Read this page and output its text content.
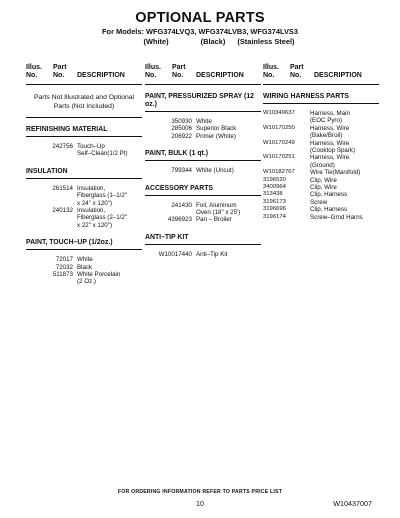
OPTIONAL PARTS
For Models: WFG374LVQ3, WFG374LVB3, WFG374LVS3
(White)	(Black) (Stainless Steel)
Illus.
No.
Part
No.	DESCRIPTION
Parts Not Illustrated and Optional Parts (Not Included)
REFINISHING MATERIAL
242756 Touch–Up
Self–Clean(1/2 Pt)
INSULATION
261514 Insulation,
Fiberglass (1–1/2"
x 24" x 120")
240132 Insulation,
Fiberglass (2–1/2"
x 22" x 120")
PAINT, TOUCH–UP (1/2oz.)
72017 White
72032 Black
511873 White Porcelain
(2 Oz.)
Illus.
No.
Part
No.	DESCRIPTION
PAINT, PRESSURIZED SPRAY (12 oz.)
350930 White
285006 Superior Black
206922 Primer (White)
PAINT, BULK (1 qt.)
799344 White (Uncut)
ACCESSORY PARTS
241430 Foil, Aluminum
Oven (18" x 25')
4396923 Pan – Broiler
ANTI–TIP KIT
W10017440 Anti–Tip Kit
Illus.
No.
Part
No.	DESCRIPTION
WIRING HARNESS PARTS
W10349637	Harness, Main
(EOC Pyro)
W10170250	Harness, Wire
(Bake/Broil)
W10170249	Harness, Wire
(Cooktop Spark)
W10170251	Harness, Wire
(Ground)
W10182767	Wire Tie(Manifold)
3196520	Clip, Wire
3400964	Clip, Wire
313438	Clip, Harness
3196173	Screw
3196696	Clip, Harness
3196174	Screw–Grnd Harns
FOR ORDERING INFORMATION REFER TO PARTS PRICE LIST
10	W10437007
